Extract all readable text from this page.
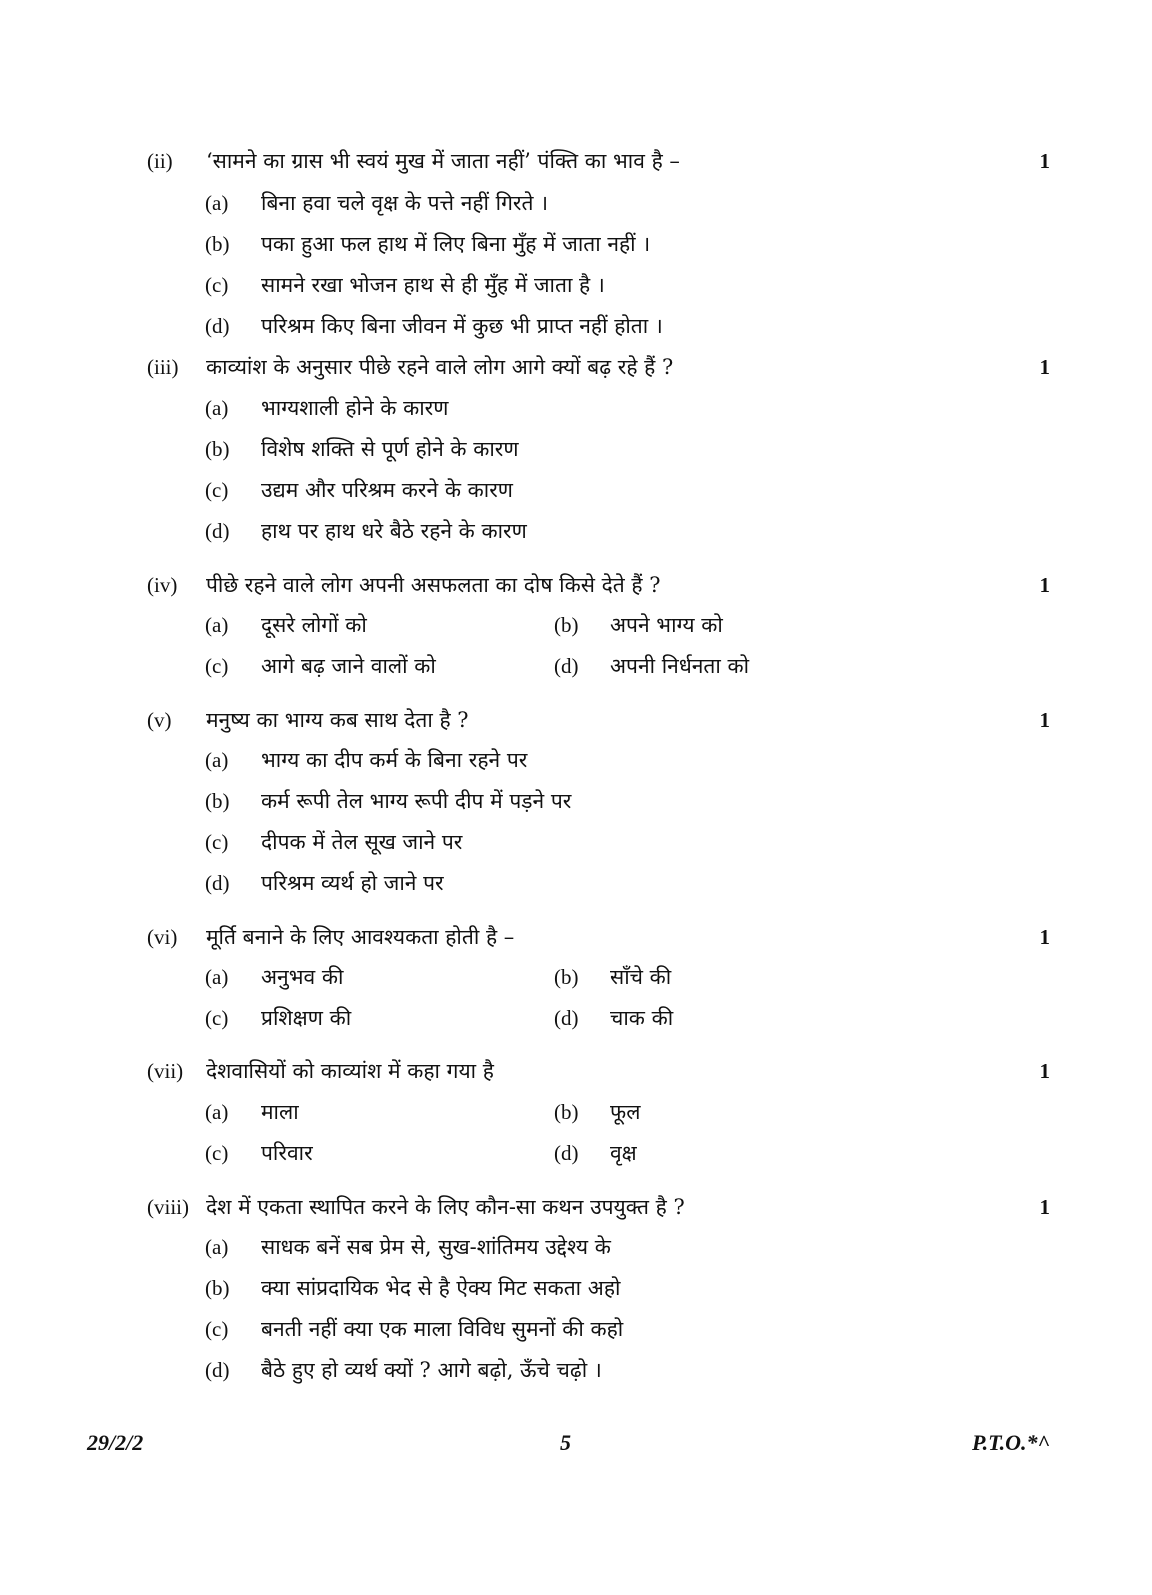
(ii) ‘सामने का ग्रास भी स्वयं मुख में जाता नहीं’ पंक्ति का भाव है –	1
(a) बिना हवा चले वृक्ष के पत्ते नहीं गिरते ।
(b) पका हुआ फल हाथ में लिए बिना मुँह में जाता नहीं ।
(c) सामने रखा भोजन हाथ से ही मुँह में जाता है ।
(d) परिश्रम किए बिना जीवन में कुछ भी प्राप्त नहीं होता ।
(iii) काव्यांश के अनुसार पीछे रहने वाले लोग आगे क्यों बढ़ रहे हैं ?	1
(a) भाग्यशाली होने के कारण
(b) विशेष शक्ति से पूर्ण होने के कारण
(c) उद्यम और परिश्रम करने के कारण
(d) हाथ पर हाथ धरे बैठे रहने के कारण
(iv) पीछे रहने वाले लोग अपनी असफलता का दोष किसे देते हैं ?	1
(a) दूसरे लोगों को	(b) अपने भाग्य को
(c) आगे बढ़ जाने वालों को	(d) अपनी निर्धनता को
(v) मनुष्य का भाग्य कब साथ देता है ?	1
(a) भाग्य का दीप कर्म के बिना रहने पर
(b) कर्म रूपी तेल भाग्य रूपी दीप में पड़ने पर
(c) दीपक में तेल सूख जाने पर
(d) परिश्रम व्यर्थ हो जाने पर
(vi) मूर्ति बनाने के लिए आवश्यकता होती है –	1
(a) अनुभव की	(b) साँचे की
(c) प्रशिक्षण की	(d) चाक की
(vii) देशवासियों को काव्यांश में कहा गया है	1
(a) माला	(b) फूल
(c) परिवार	(d) वृक्ष
(viii) देश में एकता स्थापित करने के लिए कौन-सा कथन उपयुक्त है ?	1
(a) साधक बनें सब प्रेम से, सुख-शांतिमय उद्देश्य के
(b) क्या सांप्रदायिक भेद से है ऐक्य मिट सकता अहो
(c) बनती नहीं क्या एक माला विविध सुमनों की कहो
(d) बैठे हुए हो व्यर्थ क्यों ? आगे बढ़ो, ऊँचे चढ़ो ।
29/2/2	5	P.T.O.*^
